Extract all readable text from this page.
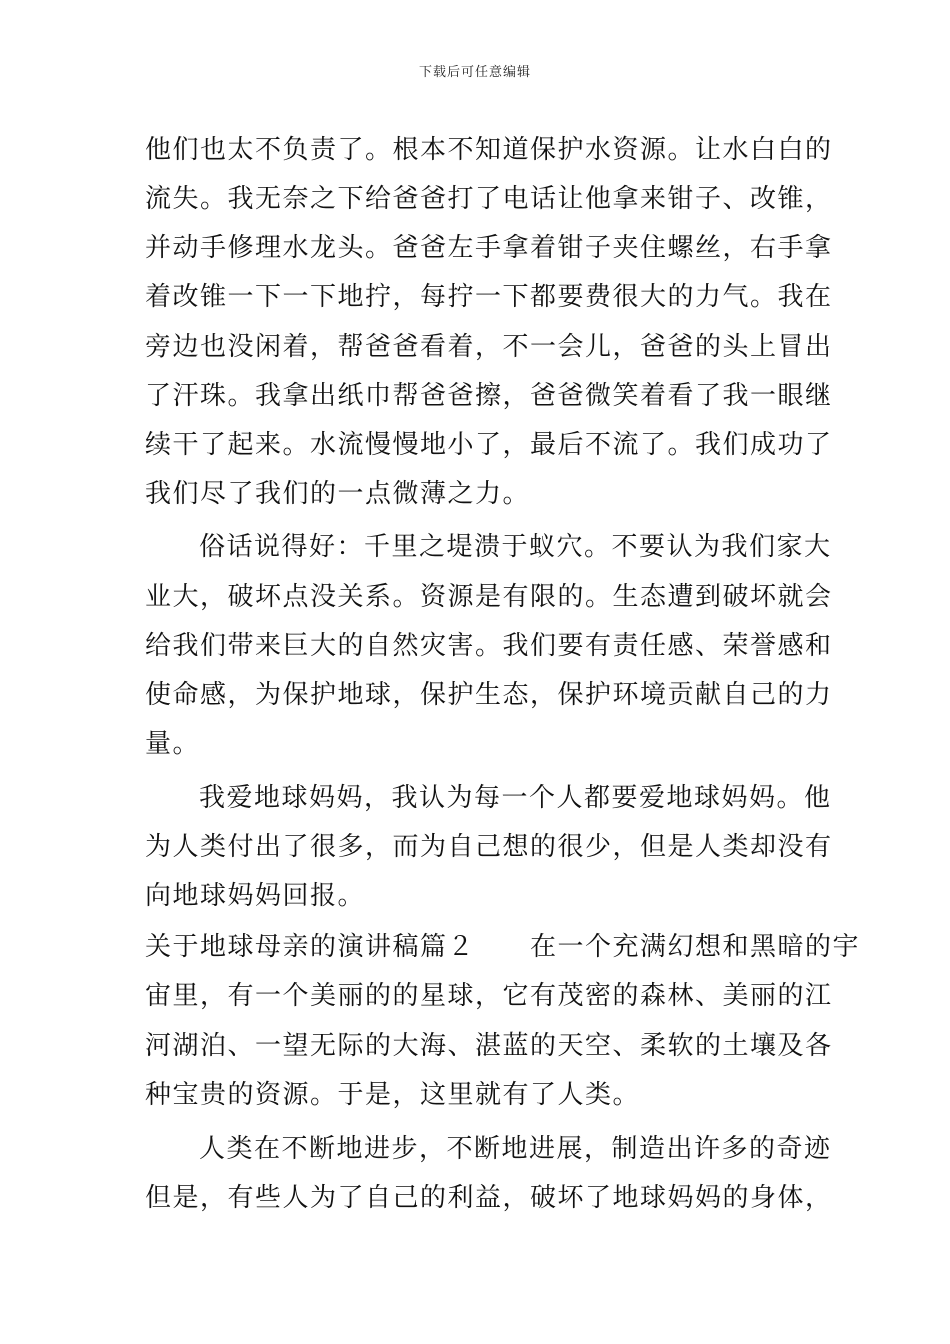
下载后可任意编辑
他们也太不负责了。根本不知道保护水资源。让水白白的
流失。我无奈之下给爸爸打了电话让他拿来钳子、改锥，
并动手修理水龙头。爸爸左手拿着钳子夹住螺丝，右手拿
着改锥一下一下地拧，每拧一下都要费很大的力气。我在
旁边也没闲着，帮爸爸看着，不一会儿，爸爸的头上冒出
了汗珠。我拿出纸巾帮爸爸擦，爸爸微笑着看了我一眼继
续干了起来。水流慢慢地小了，最后不流了。我们成功了
我们尽了我们的一点微薄之力。
俗话说得好：千里之堤溃于蚁穴。不要认为我们家大
业大，破坏点没关系。资源是有限的。生态遭到破坏就会
给我们带来巨大的自然灾害。我们要有责任感、荣誉感和
使命感，为保护地球，保护生态，保护环境贡献自己的力
量。
我爱地球妈妈，我认为每一个人都要爱地球妈妈。他
为人类付出了很多，而为自己想的很少，但是人类却没有
向地球妈妈回报。
关于地球母亲的演讲稿篇２　　在一个充满幻想和黑暗的宇
宙里，有一个美丽的的星球，它有茂密的森林、美丽的江
河湖泊、一望无际的大海、湛蓝的天空、柔软的土壤及各
种宝贵的资源。于是，这里就有了人类。
人类在不断地进步，不断地进展，制造出许多的奇迹
但是，有些人为了自己的利益，破坏了地球妈妈的身体，
